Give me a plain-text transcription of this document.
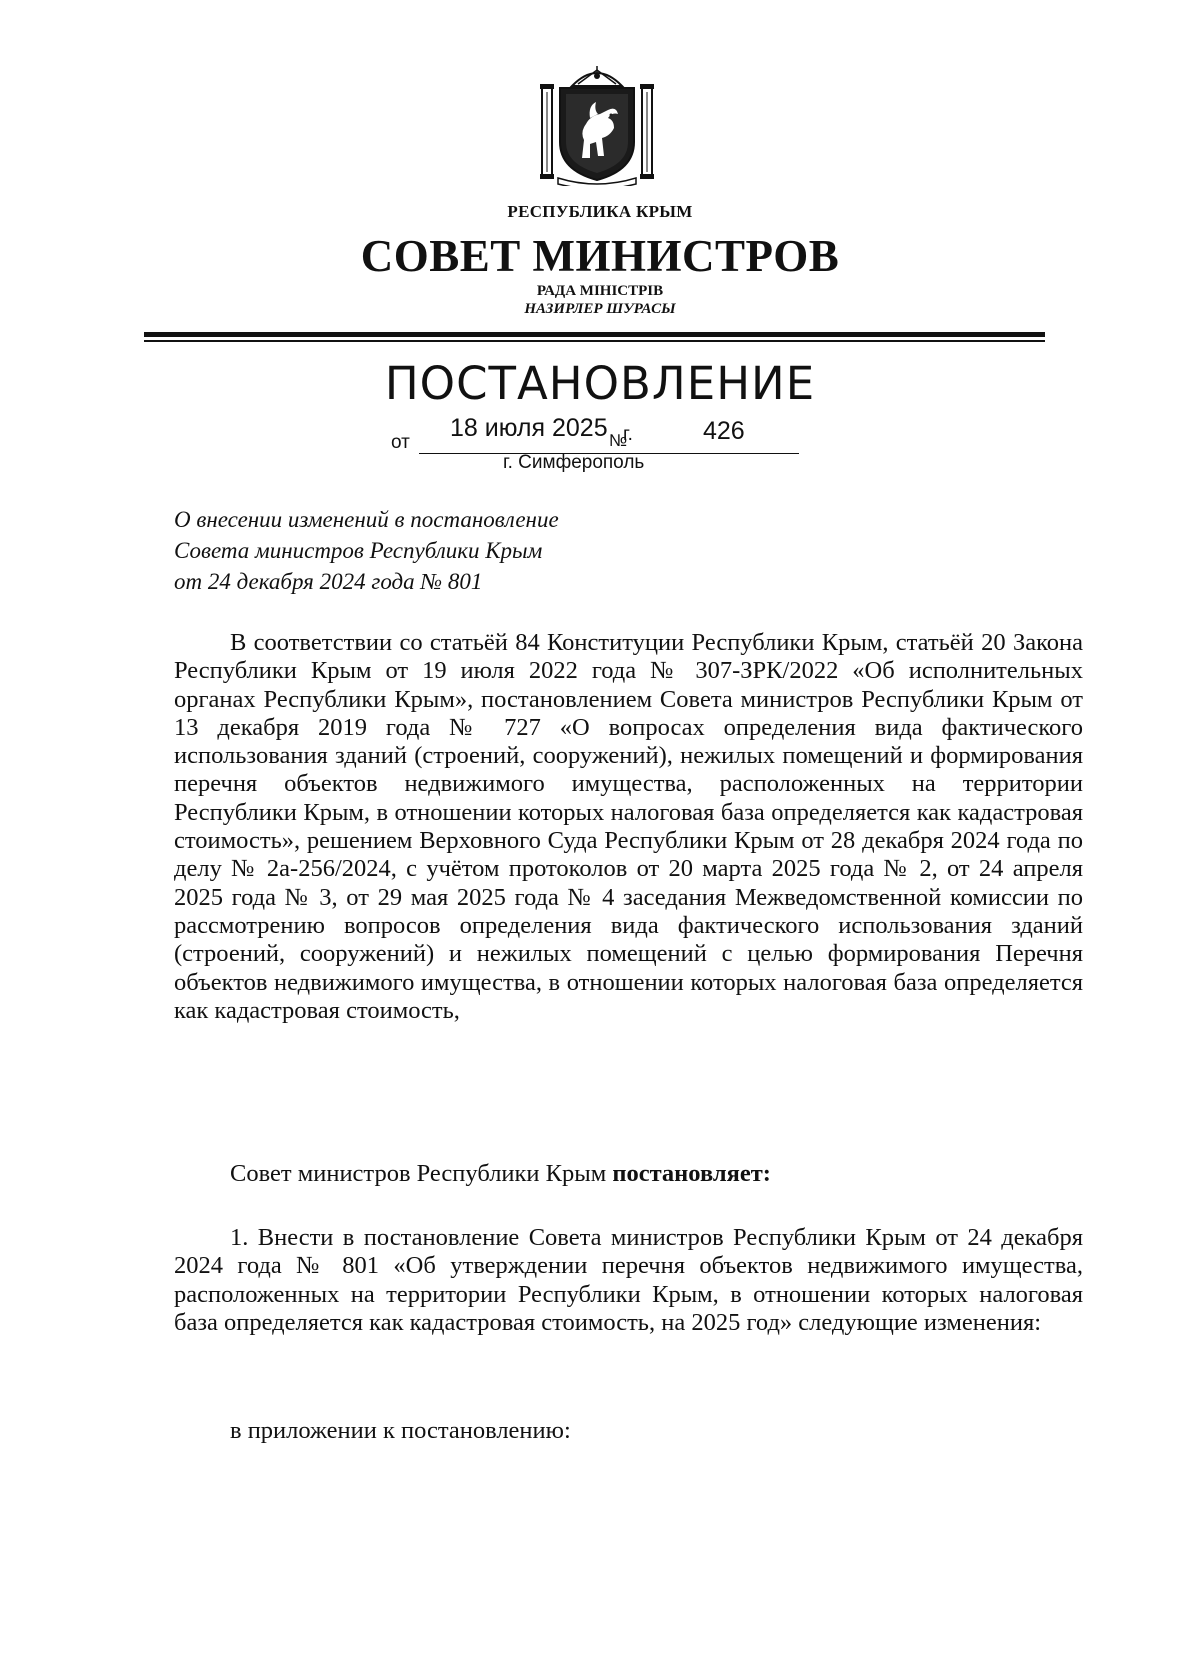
РЕСПУБЛИКА КРЫМ
СОВЕТ МИНИСТРОВ
РАДА МІНІСТРІВ
НАЗИРЛЕР ШУРАСЫ
ПОСТАНОВЛЕНИЕ
от
18 июля 2025 №
г.	426
г. Симферополь
О внесении изменений в постановление
Совета министров Республики Крым
от 24 декабря 2024 года № 801
В соответствии со статьёй 84 Конституции Республики Крым, статьёй 20 Закона Республики Крым от 19 июля 2022 года № 307-ЗРК/2022 «Об исполнительных органах Республики Крым», постановлением Совета министров Республики Крым от 13 декабря 2019 года № 727 «О вопросах определения вида фактического использования зданий (строений, сооружений), нежилых помещений и формирования перечня объектов недвижимого имущества, расположенных на территории Республики Крым, в отношении которых налоговая база определяется как кадастровая стоимость», решением Верховного Суда Республики Крым от 28 декабря 2024 года по делу № 2а-256/2024, с учётом протоколов от 20 марта 2025 года № 2, от 24 апреля 2025 года № 3, от 29 мая 2025 года № 4 заседания Межведомственной комиссии по рассмотрению вопросов определения вида фактического использования зданий (строений, сооружений) и нежилых помещений с целью формирования Перечня объектов недвижимого имущества, в отношении которых налоговая база определяется как кадастровая стоимость,
Совет министров Республики Крым постановляет:
1. Внести в постановление Совета министров Республики Крым от 24 декабря 2024 года № 801 «Об утверждении перечня объектов недвижимого имущества, расположенных на территории Республики Крым, в отношении которых налоговая база определяется как кадастровая стоимость, на 2025 год» следующие изменения:
в приложении к постановлению:
